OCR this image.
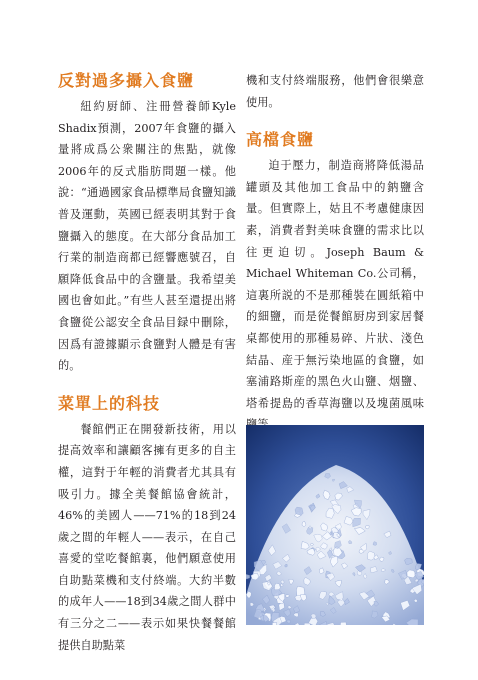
反對過多攝入食鹽

紐約厨師、注冊營養師Kyle Shadix預測，2007年食鹽的攝入量將成爲公衆關注的焦點，就像2006年的反式脂肪問題一樣。他說：“通過國家食品標準局食鹽知識普及運動，英國已經表明其對于食鹽攝入的態度。在大部分食品加工行業的制造商都已經響應號召，自願降低食品中的含鹽量。我希望美國也會如此。”有些人甚至還提出將食鹽從公認安全食品目録中刪除，因爲有證據顯示食鹽對人體是有害的。

菜單上的科技

餐館們正在開發新技術，用以提高效率和讓顧客擁有更多的自主權，這對于年輕的消費者尤其具有吸引力。據全美餐館協會統計，46%的美國人——71%的18到24歲之間的年輕人——表示，在自己喜愛的堂吃餐館裏，他們願意使用自助點菜機和支付終端。大約半數的成年人——18到34歲之間人群中有三分之二——表示如果快餐餐館提供自助點菜

機和支付終端服務，他們會很樂意使用。

高檔食鹽

迫于壓力，制造商將降低湯品罐頭及其他加工食品中的鈉鹽含量。但實際上，姑且不考慮健康因素，消費者對美味食鹽的需求比以往更迫切。Joseph Baum & Michael Whiteman Co.公司稱，這裏所説的不是那種裝在圓紙箱中的細鹽，而是從餐館厨房到家居餐桌都使用的那種易碎、片狀、淺色結晶、産于無污染地區的食鹽，如塞浦路斯産的黑色火山鹽、烟鹽、塔希提島的香草海鹽以及塊菌風味
